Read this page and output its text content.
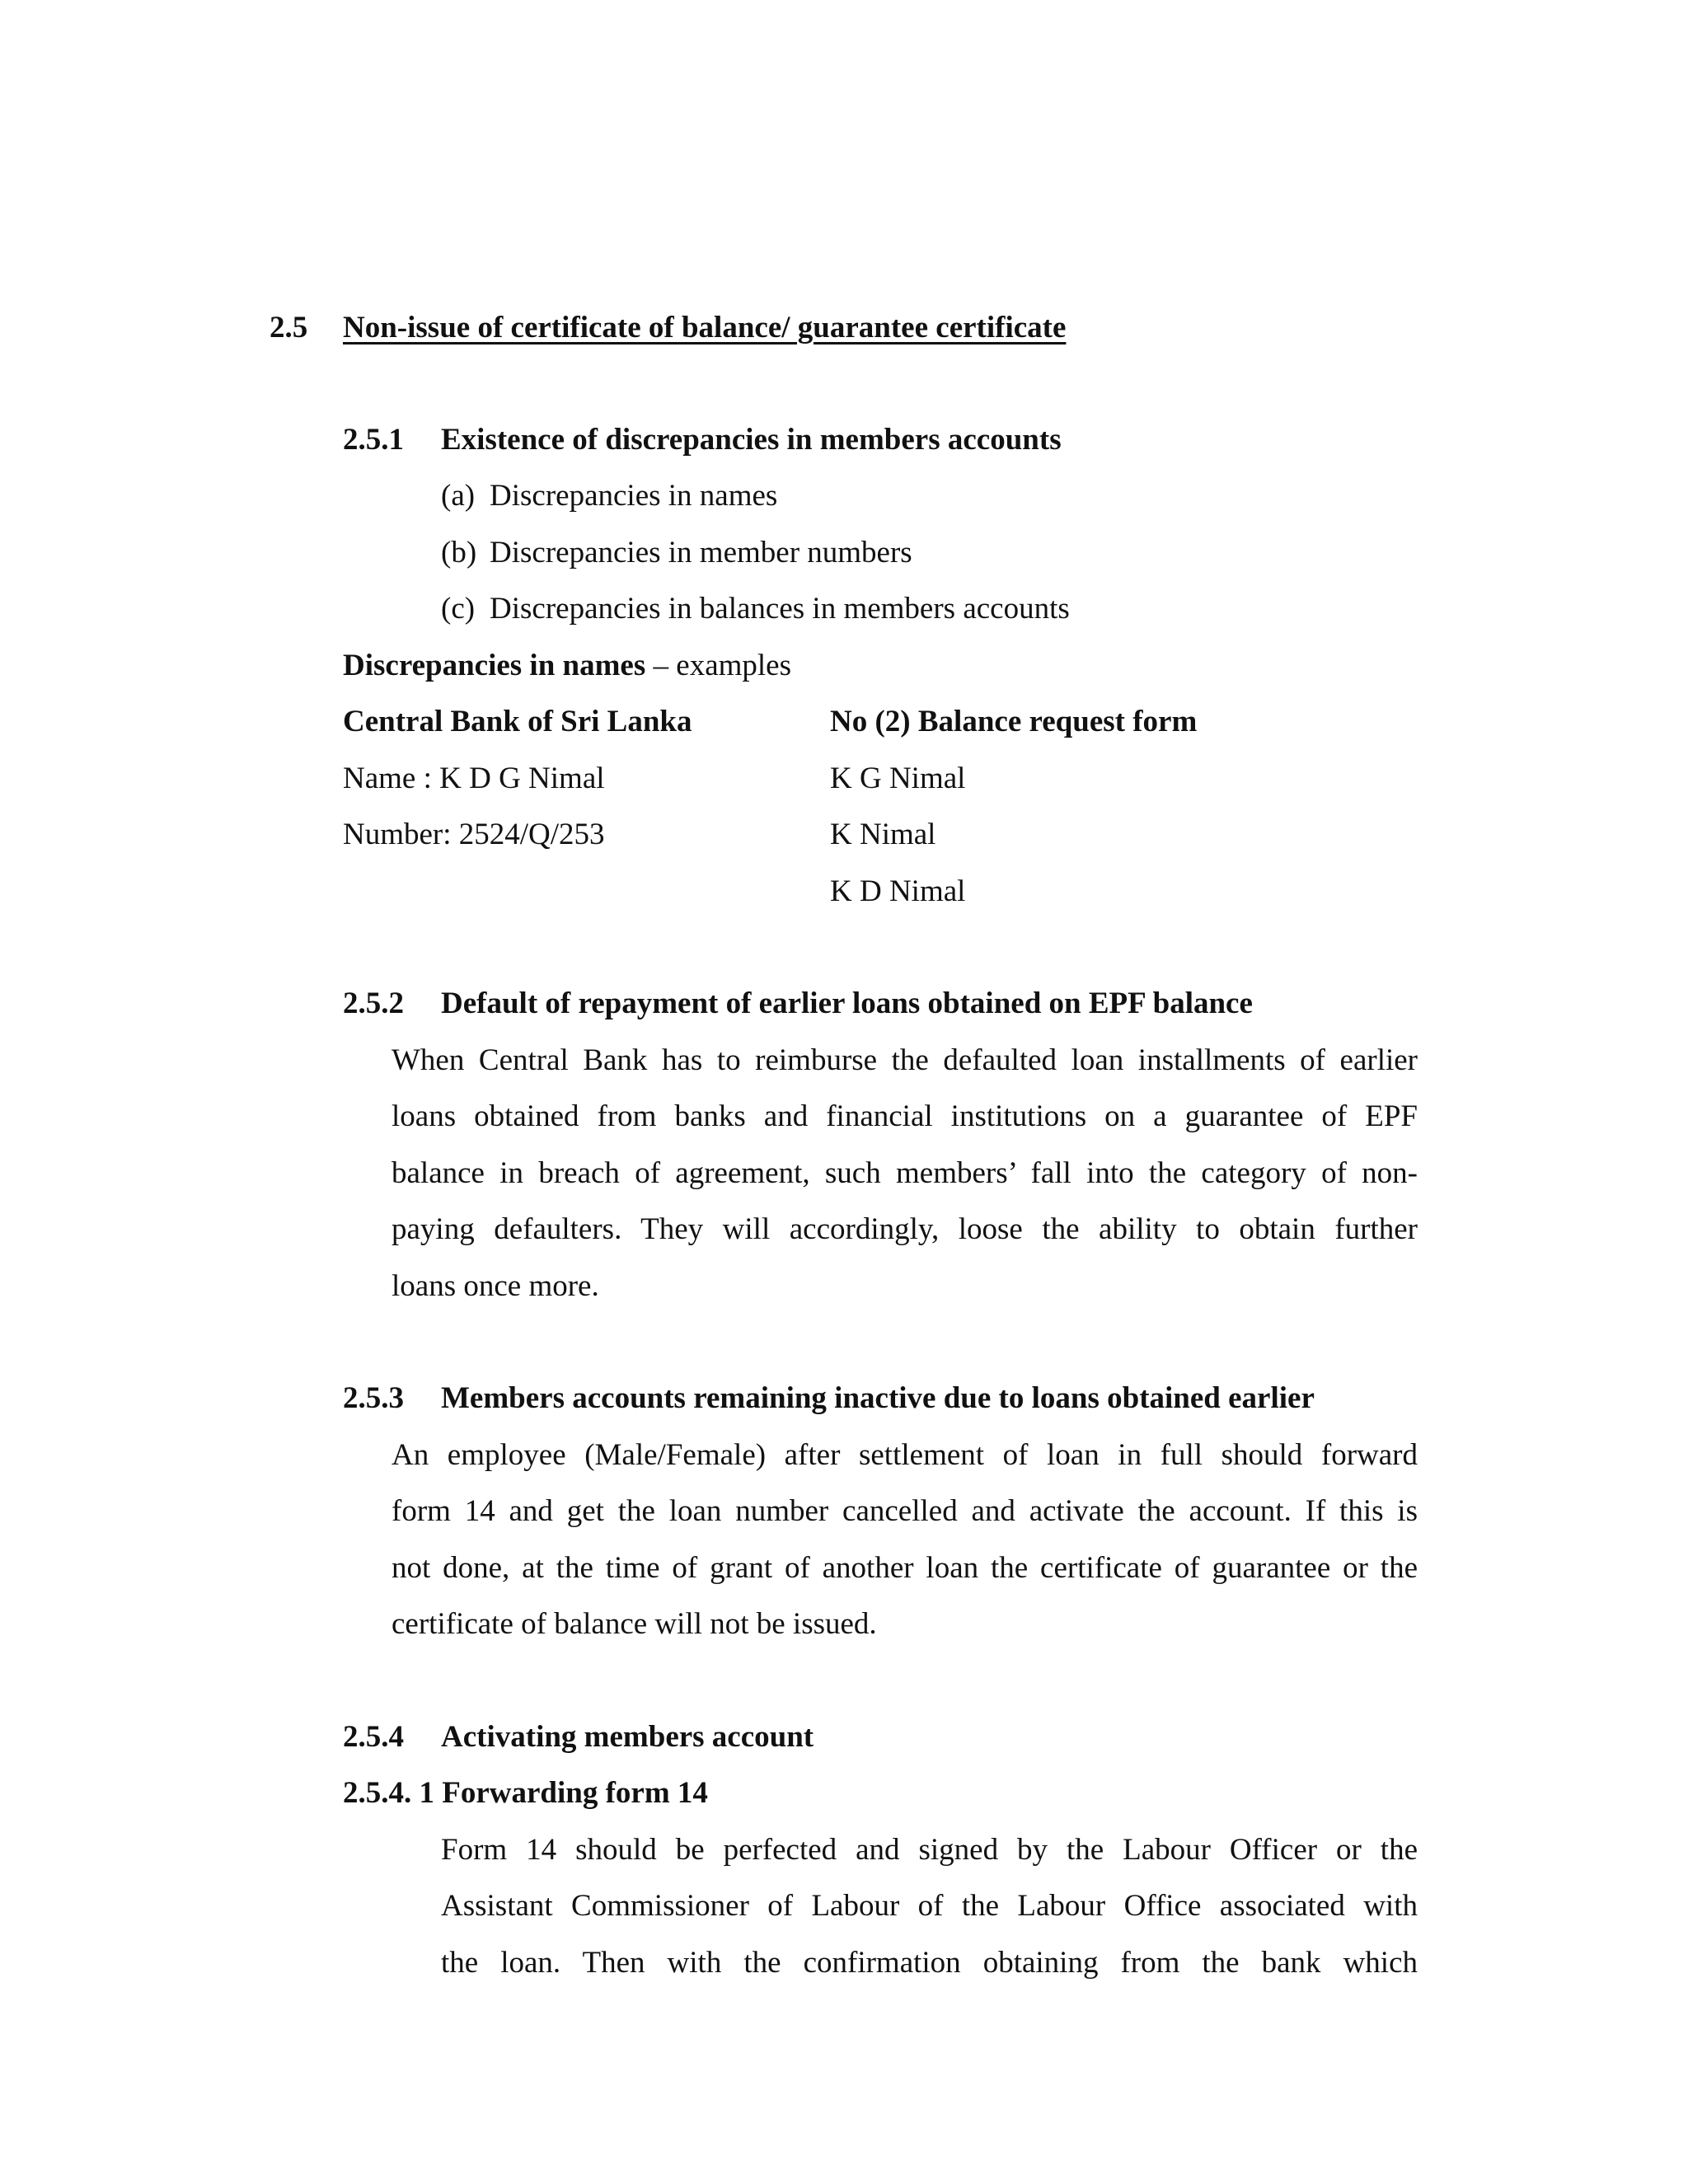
2.5 Non-issue of certificate of balance/ guarantee certificate
2.5.1 Existence of discrepancies in members accounts
(a) Discrepancies in names
(b) Discrepancies in member numbers
(c) Discrepancies in balances in members accounts
Discrepancies in names – examples
Central Bank of Sri Lanka	No (2) Balance request form
Name : K D G Nimal
Number: 2524/Q/253
K G Nimal
K Nimal
K D Nimal
2.5.2 Default of repayment of earlier loans obtained on EPF balance
When Central Bank has to reimburse the defaulted loan installments of earlier
loans obtained from banks and financial institutions on a guarantee of EPF
balance in breach of agreement, such members’ fall into the category of non-
paying defaulters. They will accordingly, loose the ability to obtain further
loans once more.
2.5.3 Members accounts remaining inactive due to loans obtained earlier
An employee (Male/Female) after settlement of loan in full should forward
form 14 and get the loan number cancelled and activate the account. If this is
not done, at the time of grant of another loan the certificate of guarantee or the
certificate of balance will not be issued.
2.5.4 Activating members account
2.5.4. 1 Forwarding form 14
Form 14 should be perfected and signed by the Labour Officer or the
Assistant Commissioner of Labour of the Labour Office associated with
the loan. Then with the confirmation obtaining from the bank which
